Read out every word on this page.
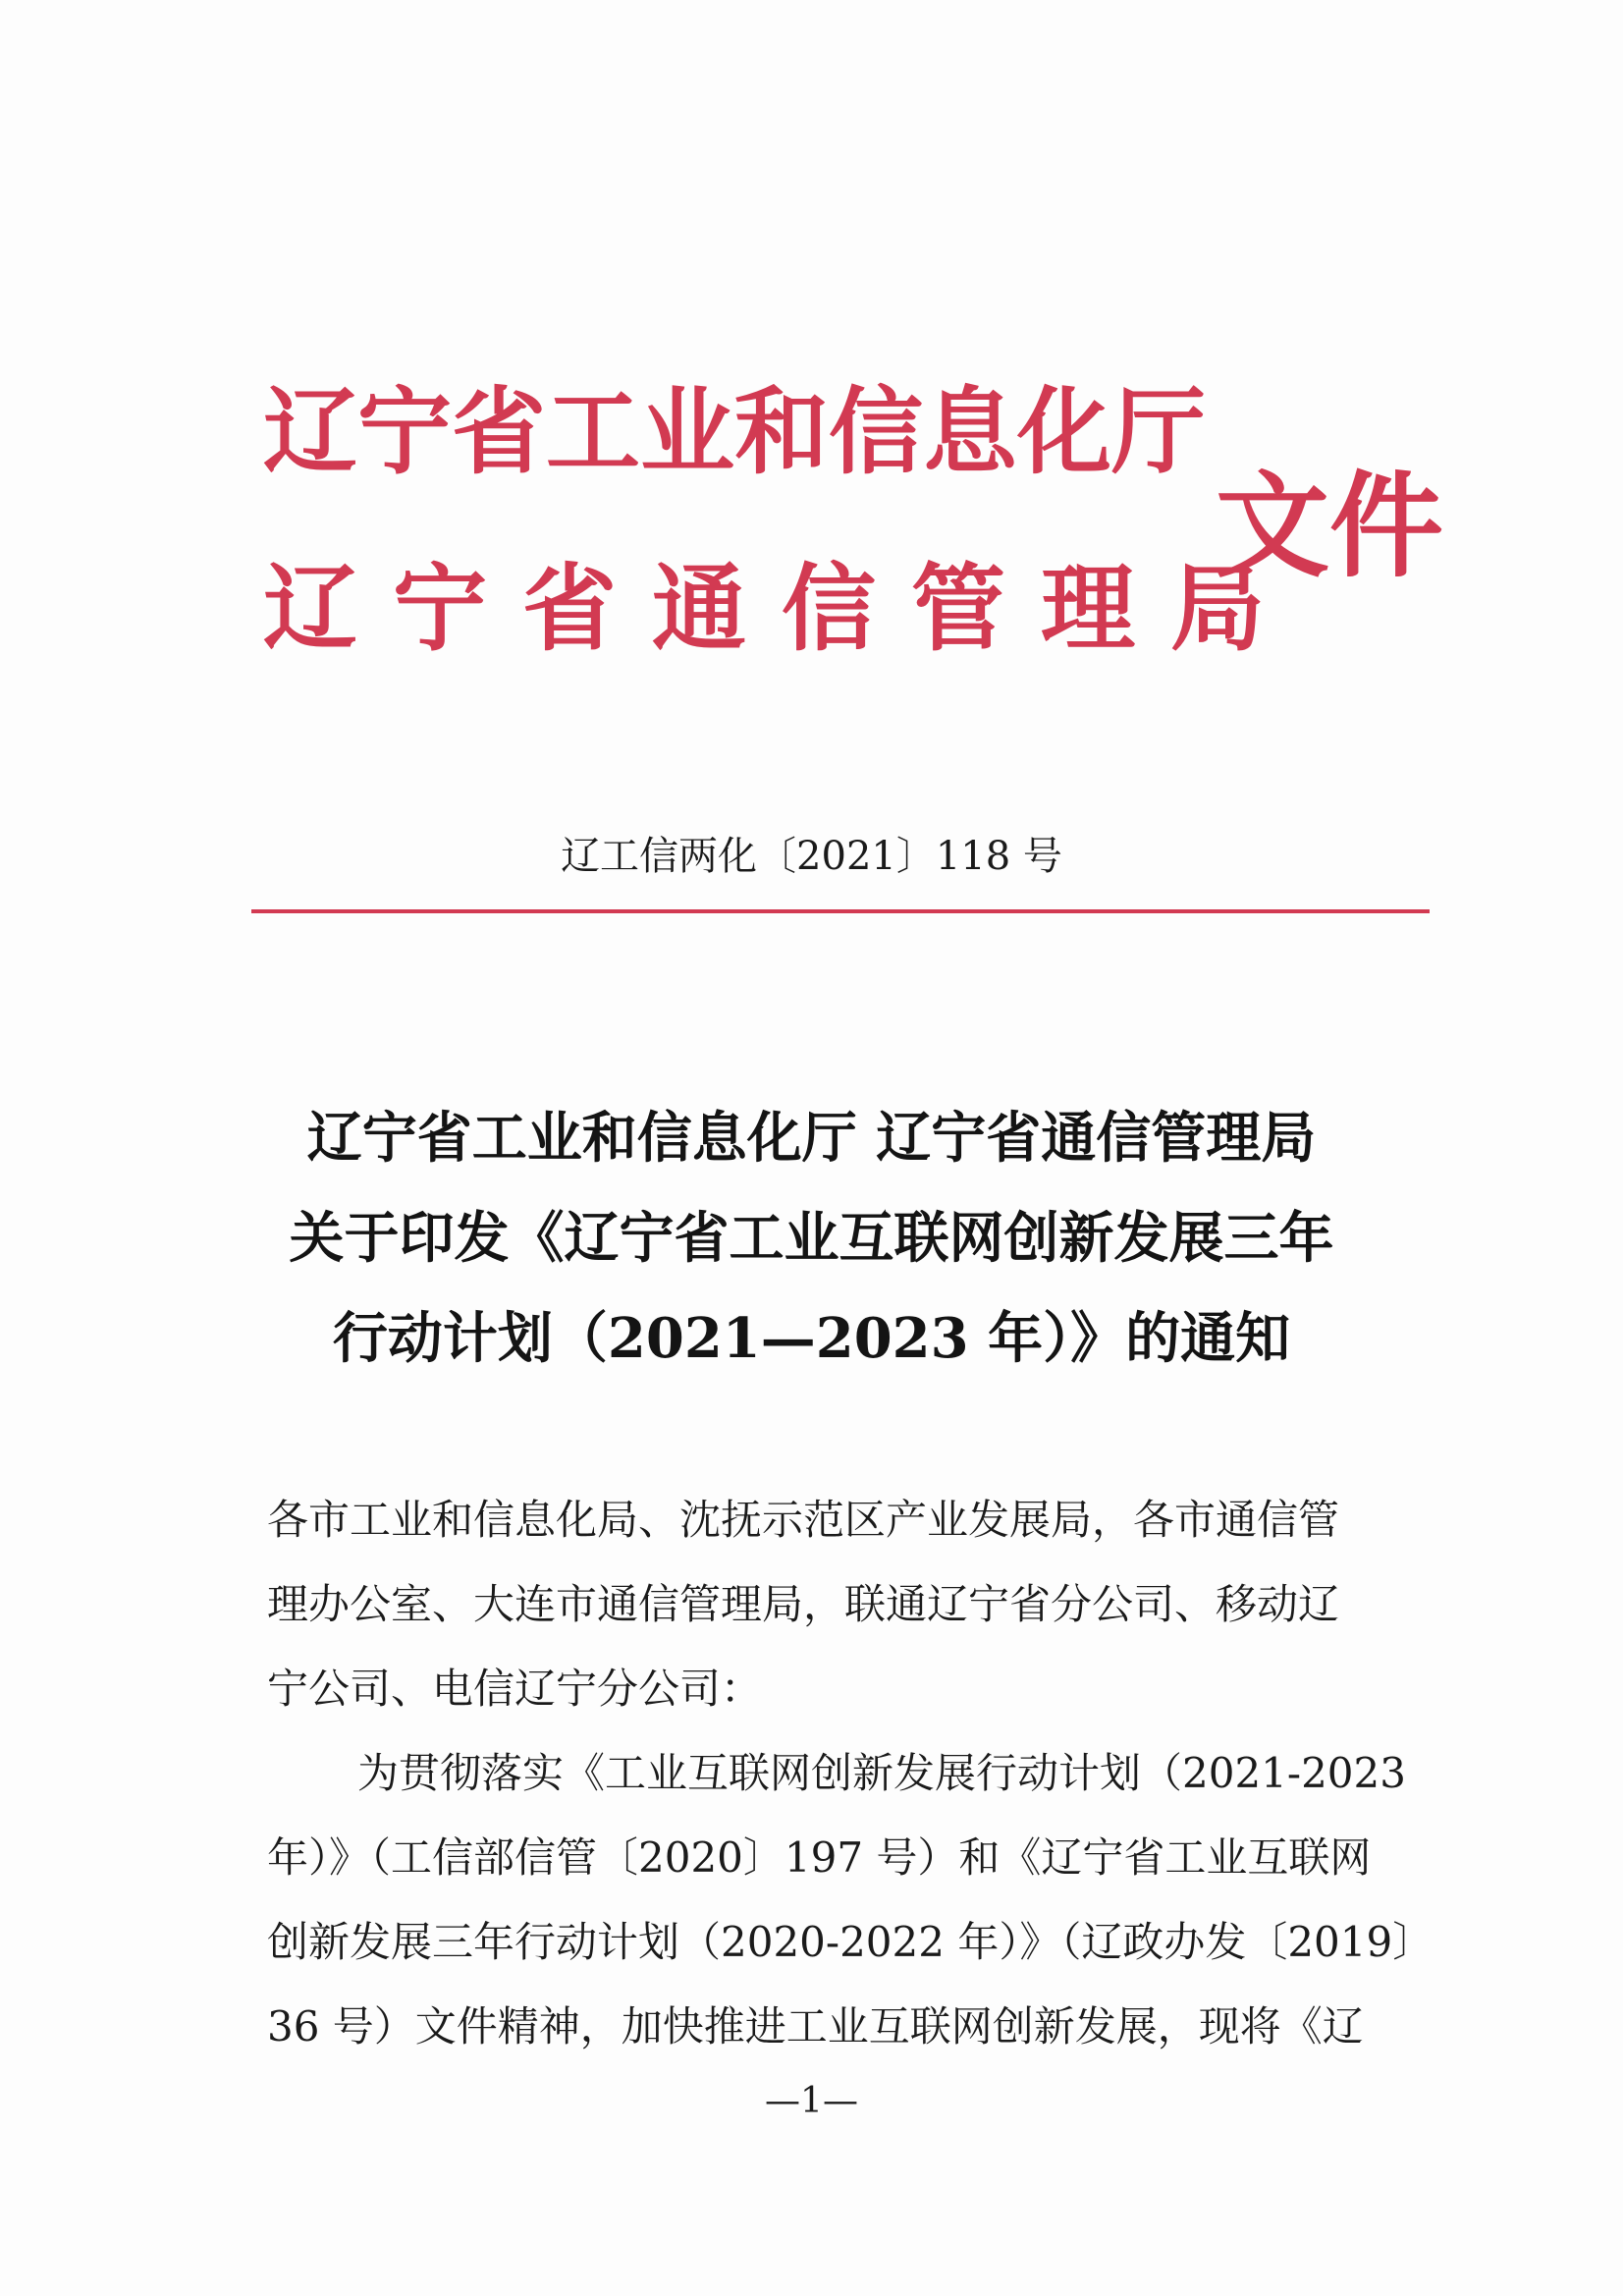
辽宁省工业和信息化厅
辽宁省通信管理局
文件
辽工信两化〔2021〕118 号
辽宁省工业和信息化厅 辽宁省通信管理局
关于印发《辽宁省工业互联网创新发展三年
行动计划（2021—2023 年）》的通知
各市工业和信息化局、沈抚示范区产业发展局，各市通信管
理办公室、大连市通信管理局，联通辽宁省分公司、移动辽
宁公司、电信辽宁分公司：
为贯彻落实《工业互联网创新发展行动计划（2021-2023
年）》（工信部信管〔2020〕197 号）和《辽宁省工业互联网
创新发展三年行动计划（2020-2022 年）》（辽政办发〔2019〕
36 号）文件精神，加快推进工业互联网创新发展，现将《辽
—1—
